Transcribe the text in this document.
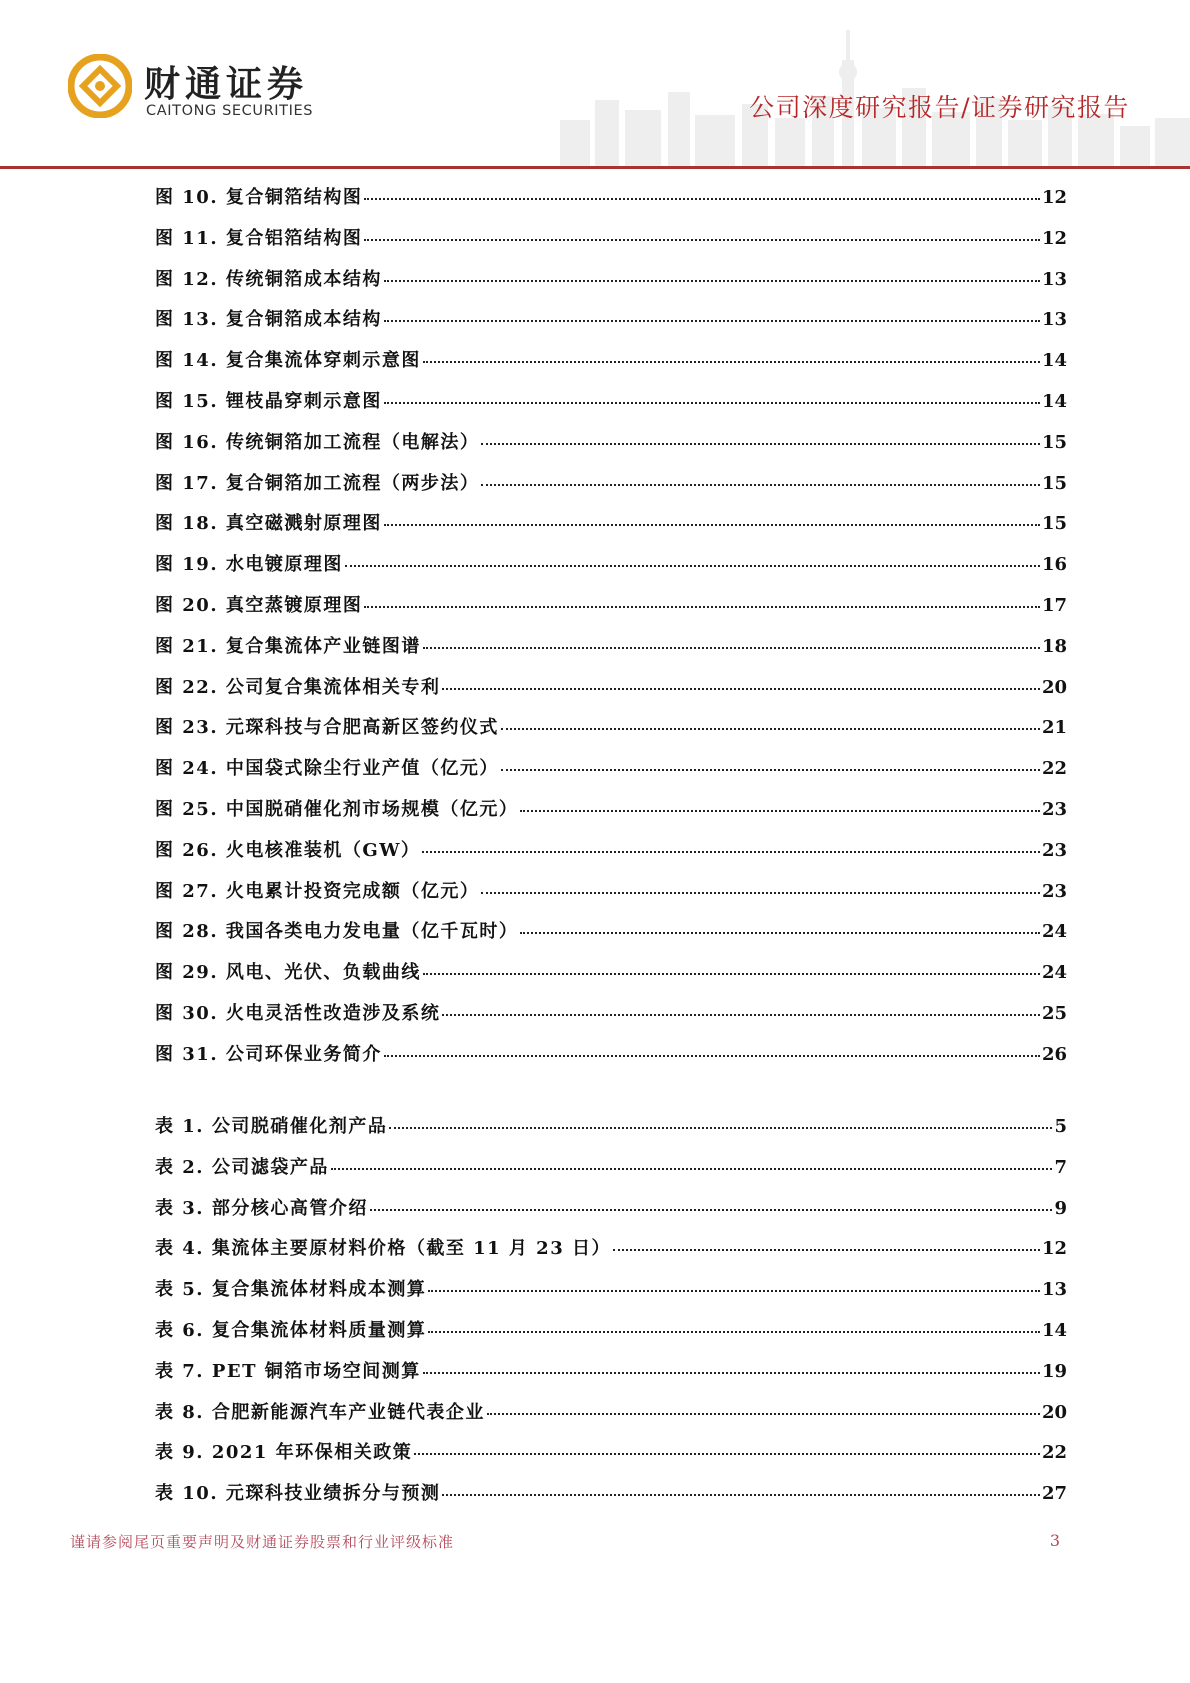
财通证券
CAITONG SECURITIES	公司深度研究报告/证券研究报告
图 10. 复合铜箔结构图	12
图 11. 复合铝箔结构图	12
图 12. 传统铜箔成本结构	13
图 13. 复合铜箔成本结构	13
图 14. 复合集流体穿刺示意图	14
图 15. 锂枝晶穿刺示意图	14
图 16. 传统铜箔加工流程（电解法）	15
图 17. 复合铜箔加工流程（两步法）	15
图 18. 真空磁溅射原理图	15
图 19. 水电镀原理图	16
图 20. 真空蒸镀原理图	17
图 21. 复合集流体产业链图谱	18
图 22. 公司复合集流体相关专利	20
图 23. 元琛科技与合肥高新区签约仪式	21
图 24. 中国袋式除尘行业产值（亿元）	22
图 25. 中国脱硝催化剂市场规模（亿元）	23
图 26. 火电核准装机（GW）	23
图 27. 火电累计投资完成额（亿元）	23
图 28. 我国各类电力发电量（亿千瓦时）	24
图 29. 风电、光伏、负载曲线	24
图 30. 火电灵活性改造涉及系统	25
图 31. 公司环保业务简介	26
表 1. 公司脱硝催化剂产品	5
表 2. 公司滤袋产品	7
表 3. 部分核心高管介绍	9
表 4. 集流体主要原材料价格（截至 11 月 23 日）	12
表 5. 复合集流体材料成本测算	13
表 6. 复合集流体材料质量测算	14
表 7. PET 铜箔市场空间测算	19
表 8. 合肥新能源汽车产业链代表企业	20
表 9. 2021 年环保相关政策	22
表 10. 元琛科技业绩拆分与预测	27
谨请参阅尾页重要声明及财通证券股票和行业评级标准	3
